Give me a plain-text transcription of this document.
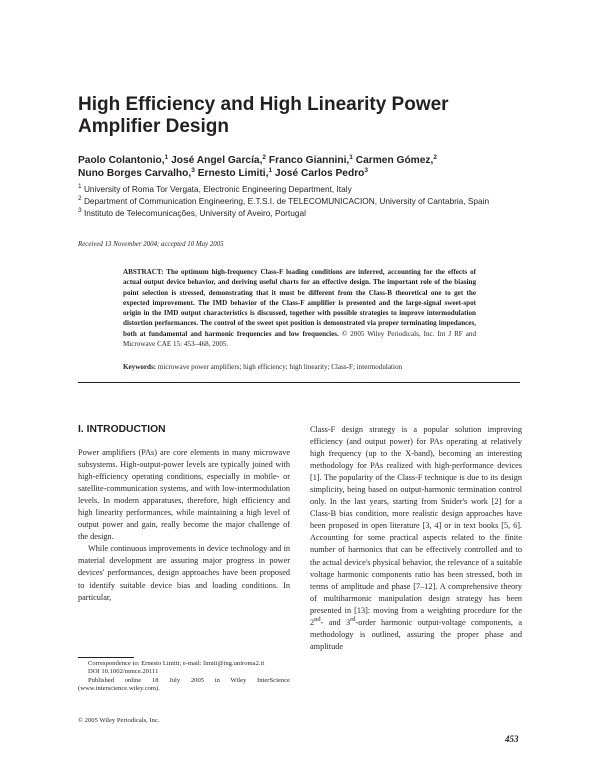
High Efficiency and High Linearity Power
Amplifier Design
Paolo Colantonio,$^1$ José Angel García,$^2$ Franco Giannini,$^1$ Carmen Gómez,$^2$
Nuno Borges Carvalho,$^3$ Ernesto Limiti,$^1$ José Carlos Pedro$^3$
$^1$ University of Roma Tor Vergata, Electronic Engineering Department, Italy
$^2$ Department of Communication Engineering, E.T.S.I. de TELECOMUNICACION, University of Cantabria, Spain
$^3$ Instituto de Telecomunicações, University of Aveiro, Portugal
Received 13 November 2004; accepted 10 May 2005
ABSTRACT: The optimum high-frequency Class-F loading conditions are inferred, accounting for the effects of actual output device behavior, and deriving useful charts for an effective design. The important role of the biasing point selection is stressed, demonstrating that it must be different from the Class-B theoretical one to get the expected improvement. The IMD behavior of the Class-F amplifier is presented and the large-signal sweet-spot origin in the IMD output characteristics is discussed, together with possible strategies to improve intermodulation distortion performances. The control of the sweet spot position is demonstrated via proper terminating impedances, both at fundamental and harmonic frequencies and low frequencies. © 2005 Wiley Periodicals, Inc. Int J RF and Microwave CAE 15: 453–468, 2005.
Keywords: microwave power amplifiers; high efficiency; high linearity; Class-F; intermodulation
I. INTRODUCTION

Power amplifiers (PAs) are core elements in many microwave subsystems. High-output-power levels are typically joined with high-efficiency operating conditions, especially in mobile- or satellite-communication systems, and with low-intermodulation levels. In modern apparatuses, therefore, high efficiency and high linearity performances, while maintaining a high level of output power and gain, really become the major challenge of the design.

While continuous improvements in device technology and in material development are assuring major progress in power devices' performances, design approaches have been proposed to identify suitable device bias and loading conditions. In particular,

Class-F design strategy is a popular solution improving efficiency (and output power) for PAs operating at relatively high frequency (up to the X-band), becoming an interesting methodology for PAs realized with high-performance devices [1]. The popularity of the Class-F technique is due to its design simplicity, being based on output-harmonic termination control only. In the last years, starting from Snider's work [2] for a Class-B bias condition, more realistic design approaches have been proposed in open literature [3, 4] or in text books [5, 6]. Accounting for some practical aspects related to the finite number of harmonics that can be effectively controlled and to the actual device's physical behavior, the relevance of a suitable voltage harmonic components ratio has been stressed, both in terms of amplitude and phase [7–12]. A comprehensive theory of multiharmonic manipulation design strategy has been presented in [13]: moving from a weighting procedure for the 2nd- and 3rd-order harmonic output-voltage components, a methodology is outlined, assuring the proper phase and amplitude

Correspondence to: Ernesto Limiti; e-mail: limiti@ing.uniroma2.it

DOI 10.1002/mmce.20111

Published online 18 July 2005 in Wiley InterScience (www.interscience.wiley.com).

© 2005 Wiley Periodicals, Inc.
453
